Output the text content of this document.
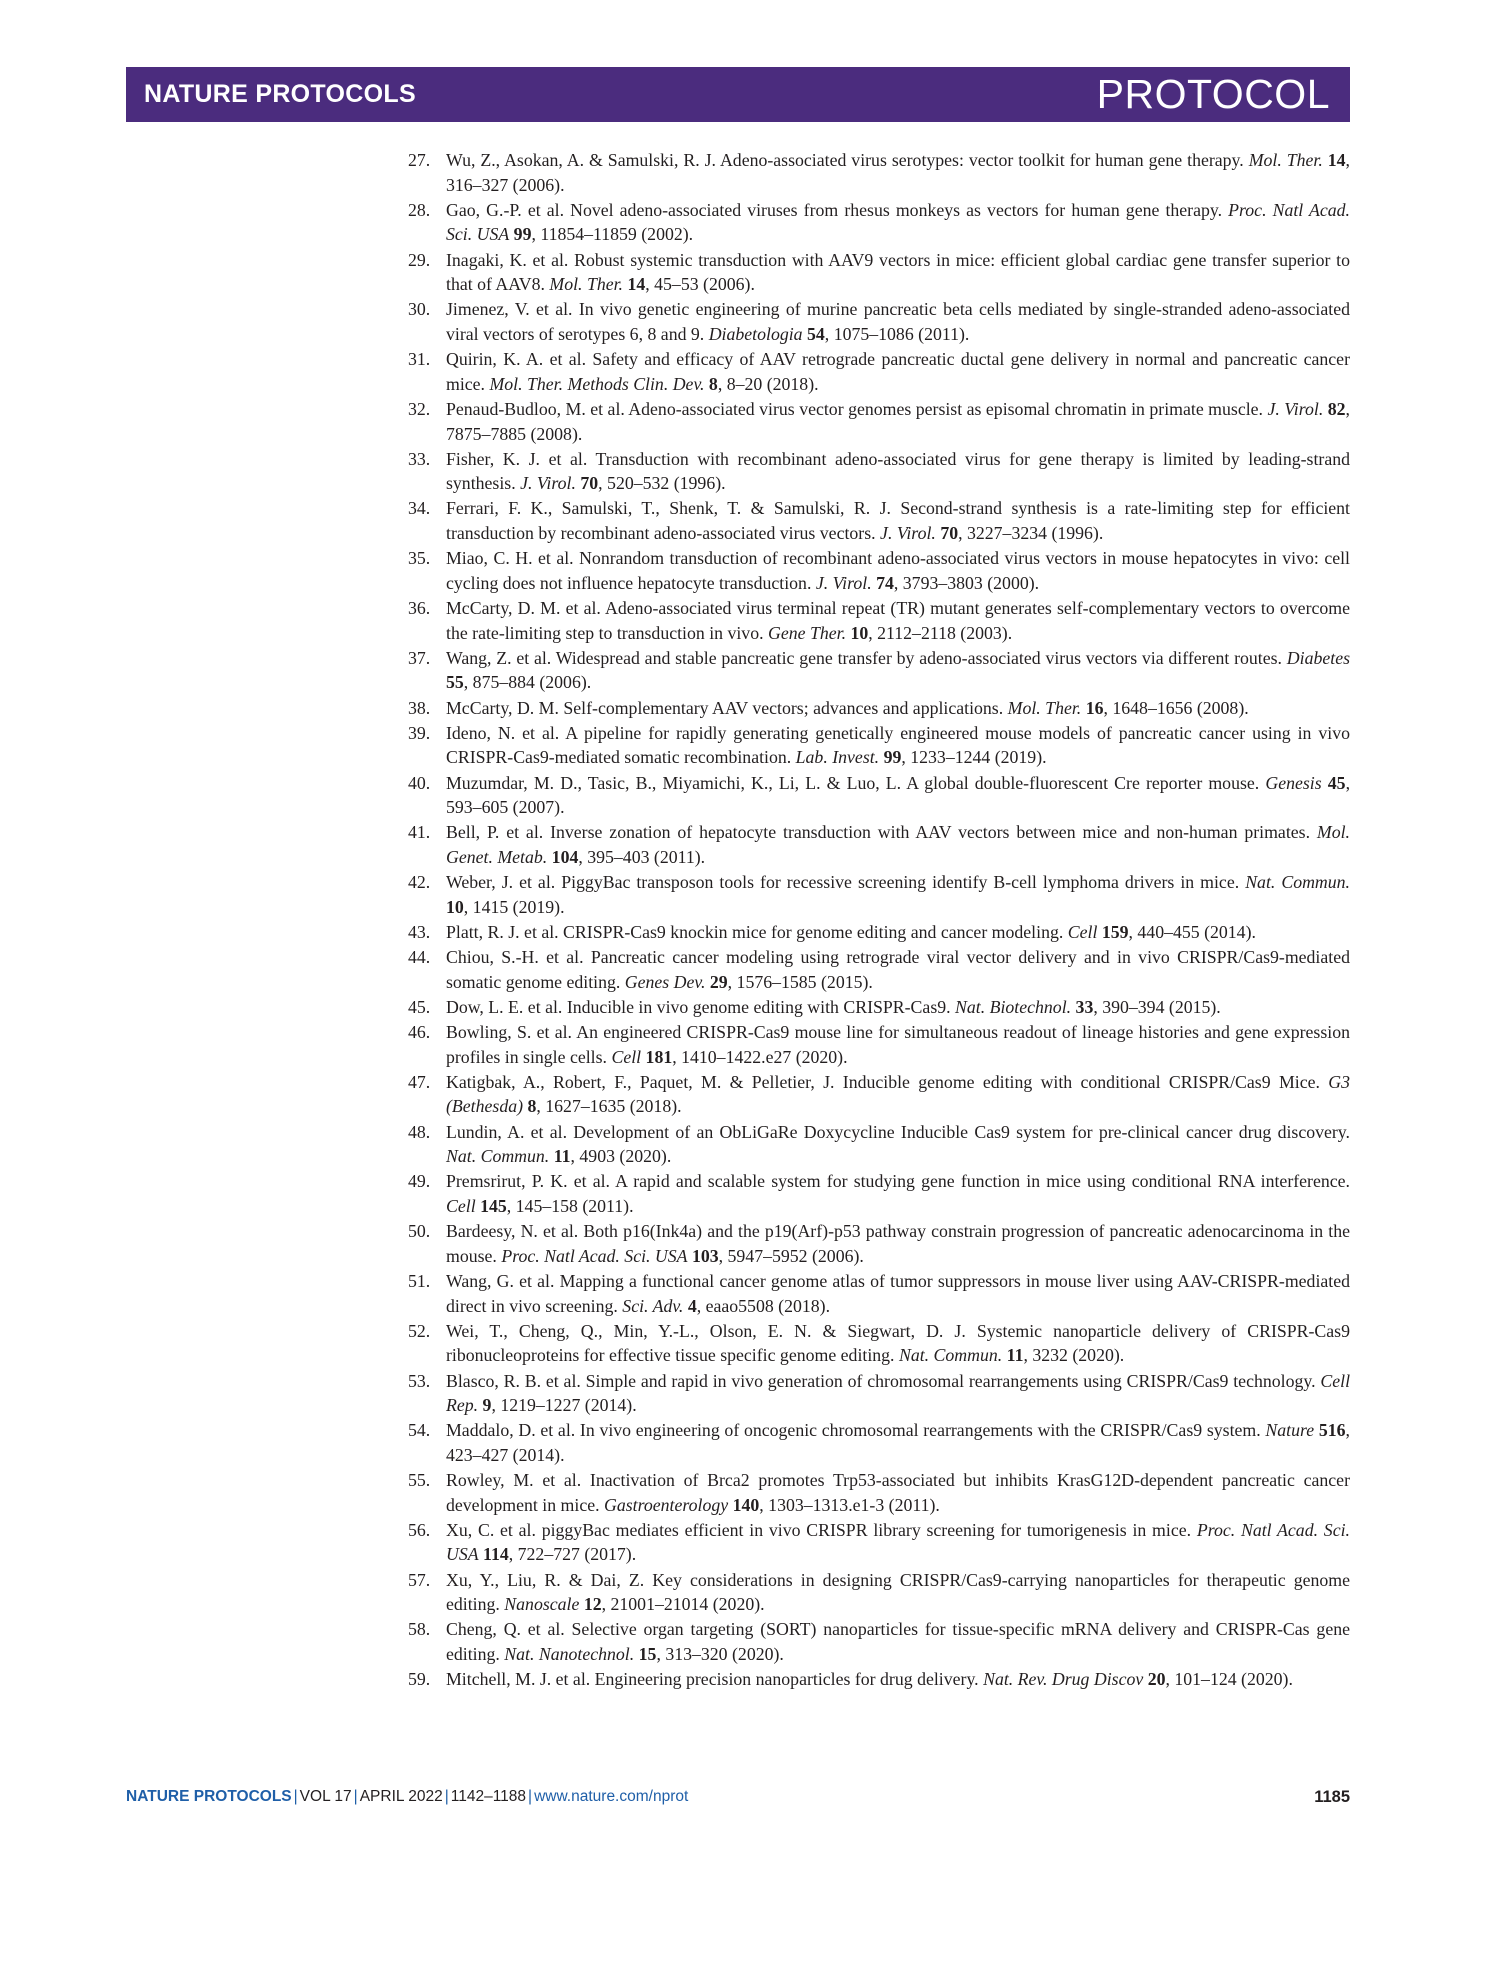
NATURE PROTOCOLS	PROTOCOL
27. Wu, Z., Asokan, A. & Samulski, R. J. Adeno-associated virus serotypes: vector toolkit for human gene therapy. Mol. Ther. 14, 316–327 (2006).
28. Gao, G.-P. et al. Novel adeno-associated viruses from rhesus monkeys as vectors for human gene therapy. Proc. Natl Acad. Sci. USA 99, 11854–11859 (2002).
29. Inagaki, K. et al. Robust systemic transduction with AAV9 vectors in mice: efficient global cardiac gene transfer superior to that of AAV8. Mol. Ther. 14, 45–53 (2006).
30. Jimenez, V. et al. In vivo genetic engineering of murine pancreatic beta cells mediated by single-stranded adeno-associated viral vectors of serotypes 6, 8 and 9. Diabetologia 54, 1075–1086 (2011).
31. Quirin, K. A. et al. Safety and efficacy of AAV retrograde pancreatic ductal gene delivery in normal and pancreatic cancer mice. Mol. Ther. Methods Clin. Dev. 8, 8–20 (2018).
32. Penaud-Budloo, M. et al. Adeno-associated virus vector genomes persist as episomal chromatin in primate muscle. J. Virol. 82, 7875–7885 (2008).
33. Fisher, K. J. et al. Transduction with recombinant adeno-associated virus for gene therapy is limited by leading-strand synthesis. J. Virol. 70, 520–532 (1996).
34. Ferrari, F. K., Samulski, T., Shenk, T. & Samulski, R. J. Second-strand synthesis is a rate-limiting step for efficient transduction by recombinant adeno-associated virus vectors. J. Virol. 70, 3227–3234 (1996).
35. Miao, C. H. et al. Nonrandom transduction of recombinant adeno-associated virus vectors in mouse hepatocytes in vivo: cell cycling does not influence hepatocyte transduction. J. Virol. 74, 3793–3803 (2000).
36. McCarty, D. M. et al. Adeno-associated virus terminal repeat (TR) mutant generates self-complementary vectors to overcome the rate-limiting step to transduction in vivo. Gene Ther. 10, 2112–2118 (2003).
37. Wang, Z. et al. Widespread and stable pancreatic gene transfer by adeno-associated virus vectors via different routes. Diabetes 55, 875–884 (2006).
38. McCarty, D. M. Self-complementary AAV vectors; advances and applications. Mol. Ther. 16, 1648–1656 (2008).
39. Ideno, N. et al. A pipeline for rapidly generating genetically engineered mouse models of pancreatic cancer using in vivo CRISPR-Cas9-mediated somatic recombination. Lab. Invest. 99, 1233–1244 (2019).
40. Muzumdar, M. D., Tasic, B., Miyamichi, K., Li, L. & Luo, L. A global double-fluorescent Cre reporter mouse. Genesis 45, 593–605 (2007).
41. Bell, P. et al. Inverse zonation of hepatocyte transduction with AAV vectors between mice and non-human primates. Mol. Genet. Metab. 104, 395–403 (2011).
42. Weber, J. et al. PiggyBac transposon tools for recessive screening identify B-cell lymphoma drivers in mice. Nat. Commun. 10, 1415 (2019).
43. Platt, R. J. et al. CRISPR-Cas9 knockin mice for genome editing and cancer modeling. Cell 159, 440–455 (2014).
44. Chiou, S.-H. et al. Pancreatic cancer modeling using retrograde viral vector delivery and in vivo CRISPR/Cas9-mediated somatic genome editing. Genes Dev. 29, 1576–1585 (2015).
45. Dow, L. E. et al. Inducible in vivo genome editing with CRISPR-Cas9. Nat. Biotechnol. 33, 390–394 (2015).
46. Bowling, S. et al. An engineered CRISPR-Cas9 mouse line for simultaneous readout of lineage histories and gene expression profiles in single cells. Cell 181, 1410–1422.e27 (2020).
47. Katigbak, A., Robert, F., Paquet, M. & Pelletier, J. Inducible genome editing with conditional CRISPR/Cas9 Mice. G3 (Bethesda) 8, 1627–1635 (2018).
48. Lundin, A. et al. Development of an ObLiGaRe Doxycycline Inducible Cas9 system for pre-clinical cancer drug discovery. Nat. Commun. 11, 4903 (2020).
49. Premsrirut, P. K. et al. A rapid and scalable system for studying gene function in mice using conditional RNA interference. Cell 145, 145–158 (2011).
50. Bardeesy, N. et al. Both p16(Ink4a) and the p19(Arf)-p53 pathway constrain progression of pancreatic adenocarcinoma in the mouse. Proc. Natl Acad. Sci. USA 103, 5947–5952 (2006).
51. Wang, G. et al. Mapping a functional cancer genome atlas of tumor suppressors in mouse liver using AAV-CRISPR-mediated direct in vivo screening. Sci. Adv. 4, eaao5508 (2018).
52. Wei, T., Cheng, Q., Min, Y.-L., Olson, E. N. & Siegwart, D. J. Systemic nanoparticle delivery of CRISPR-Cas9 ribonucleoproteins for effective tissue specific genome editing. Nat. Commun. 11, 3232 (2020).
53. Blasco, R. B. et al. Simple and rapid in vivo generation of chromosomal rearrangements using CRISPR/Cas9 technology. Cell Rep. 9, 1219–1227 (2014).
54. Maddalo, D. et al. In vivo engineering of oncogenic chromosomal rearrangements with the CRISPR/Cas9 system. Nature 516, 423–427 (2014).
55. Rowley, M. et al. Inactivation of Brca2 promotes Trp53-associated but inhibits KrasG12D-dependent pancreatic cancer development in mice. Gastroenterology 140, 1303–1313.e1-3 (2011).
56. Xu, C. et al. piggyBac mediates efficient in vivo CRISPR library screening for tumorigenesis in mice. Proc. Natl Acad. Sci. USA 114, 722–727 (2017).
57. Xu, Y., Liu, R. & Dai, Z. Key considerations in designing CRISPR/Cas9-carrying nanoparticles for therapeutic genome editing. Nanoscale 12, 21001–21014 (2020).
58. Cheng, Q. et al. Selective organ targeting (SORT) nanoparticles for tissue-specific mRNA delivery and CRISPR-Cas gene editing. Nat. Nanotechnol. 15, 313–320 (2020).
59. Mitchell, M. J. et al. Engineering precision nanoparticles for drug delivery. Nat. Rev. Drug Discov 20, 101–124 (2020).
NATURE PROTOCOLS | VOL 17 | APRIL 2022 | 1142–1188 | www.nature.com/nprot	1185
